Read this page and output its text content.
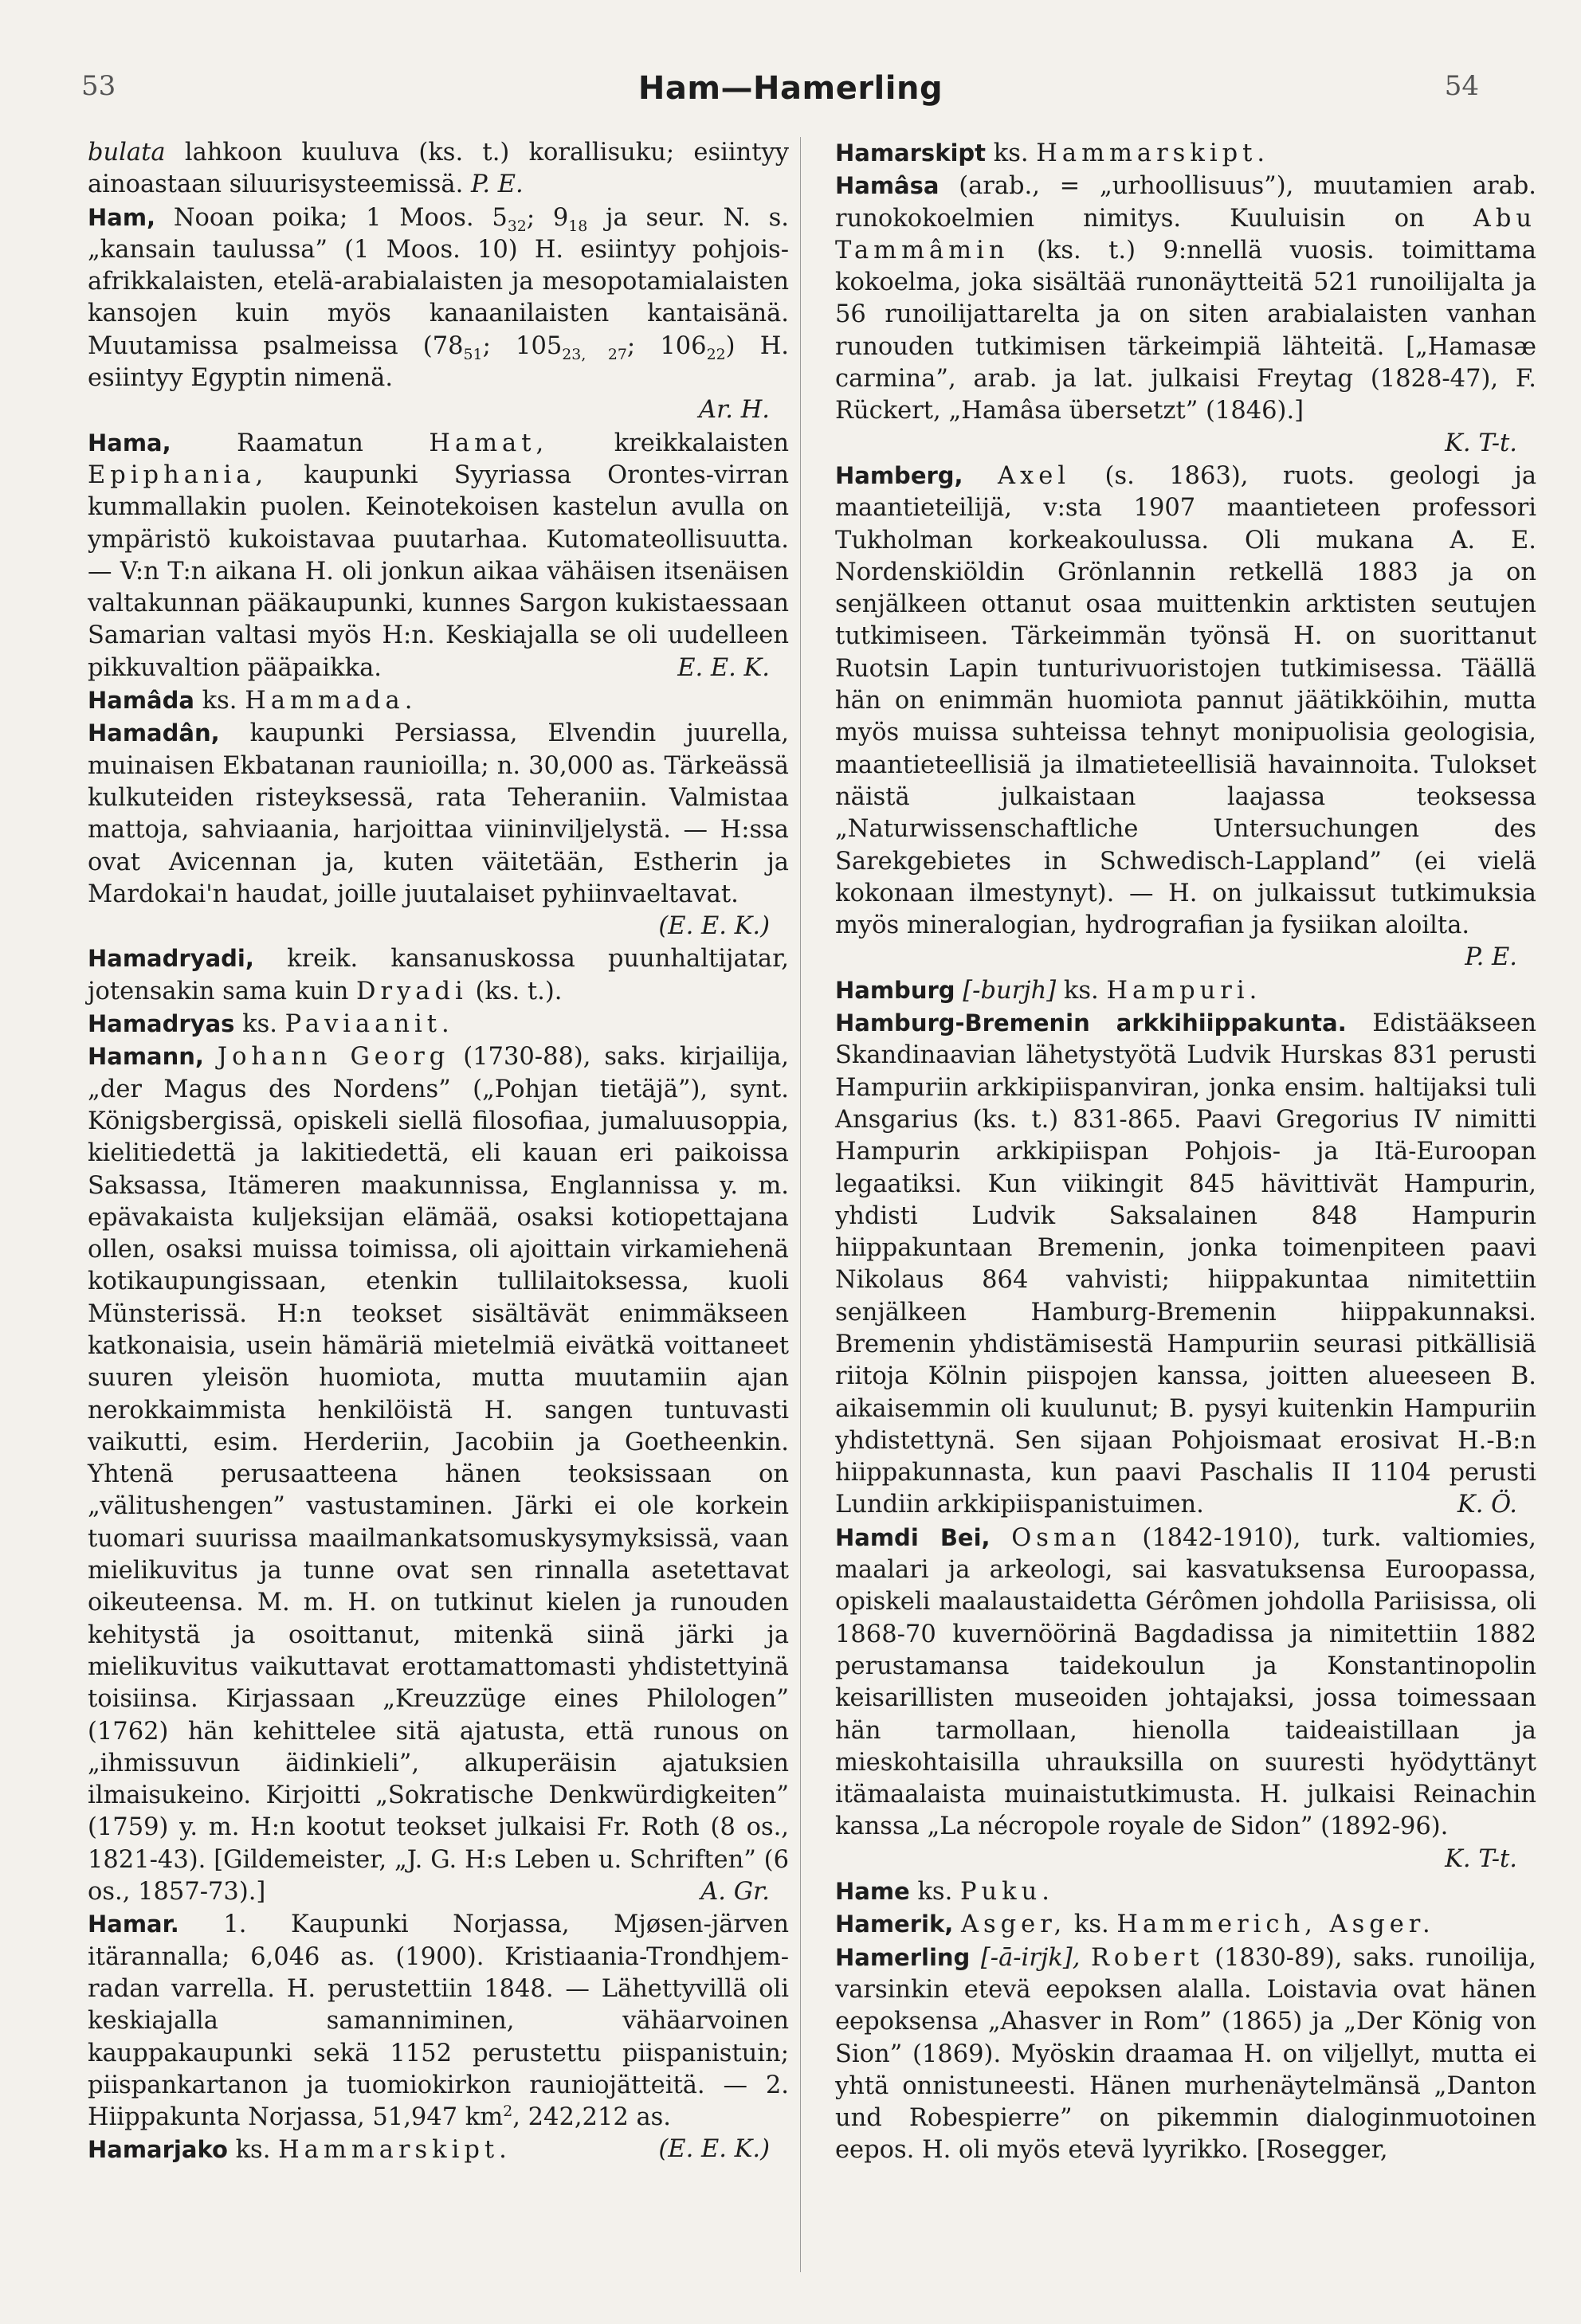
53	Ham—Hamerling	54

bulata lahkoon kuuluva (ks. t.) korallisuku; esiintyy ainoastaan siluurisysteemissä. P. E.

Ham, Nooan poika; 1 Moos. $5_{32}$; $9_{18}$ ja seur. N. s. „kansain taulussa” (1 Moos. 10) H. esiintyy pohjois-afrikkalaisten, etelä-arabialaisten ja mesopotamialaisten kansojen kuin myös kanaanilaisten kantaisänä. Muutamissa psalmeissa ($78_{51}$; $105_{23, 27}$; $106_{22}$) H. esiintyy Egyptin nimenä.
Ar. H.

Hama,	Raamatun	Hamat,	kreikkalaisten Epiphania, kaupunki Syyriassa Orontes-virran kummallakin puolen. Keinotekoisen kastelun avulla on ympäristö kukoistavaa puutarhaa. Kutomateollisuutta. — V:n T:n aikana H. oli jonkun aikaa vähäisen itsenäisen valtakunnan pääkaupunki, kunnes Sargon kukistaessaan Samarian valtasi myös H:n. Keskiajalla se oli uudelleen pikkuvaltion pääpaikka.	E. E. K.

Hamâda ks. Hammada.

Hamadân, kaupunki Persiassa, Elvendin juurella, muinaisen Ekbatanan raunioilla; n. 30,000 as. Tärkeässä kulkuteiden risteyksessä, rata Teheraniin. Valmistaa mattoja, sahviaania, harjoittaa viininviljelystä. — H:ssa ovat Avicennan ja, kuten väitetään, Estherin ja Mardokai'n haudat, joille juutalaiset pyhiinvaeltavat.
(E. E. K.)

Hamadryadi, kreik. kansanuskossa puunhaltijatar, jotensakin sama kuin Dryadi (ks. t.).

Hamadryas ks. Paviaanit.

Hamann, Johann Georg (1730-88), saks. kirjailija, „der Magus des Nordens” („Pohjan tietäjä”), synt. Königsbergissä, opiskeli siellä filosofiaa, jumaluusoppia, kielitiedettä ja lakitiedettä, eli kauan eri paikoissa Saksassa, Itämeren maakunnissa, Englannissa y. m. epävakaista kuljeksijan elämää, osaksi kotiopettajana ollen, osaksi muissa toimissa, oli ajoittain virkamiehenä kotikaupungissaan, etenkin tullilaitoksessa, kuoli Münsterissä. H:n teokset sisältävät enimmäkseen katkonaisia, usein hämäriä mietelmiä eivätkä voittaneet suuren yleisön huomiota, mutta muutamiin ajan nerokkaimmista henkilöistä H. sangen tuntuvasti vaikutti, esim. Herderiin, Jacobiin ja Goetheenkin. Yhtenä perusaatteena hänen teoksissaan on „välitushengen” vastustaminen. Järki ei ole korkein tuomari suurissa maailmankatsomuskysymyksissä, vaan mielikuvitus ja tunne ovat sen rinnalla asetettavat oikeuteensa. M. m. H. on tutkinut kielen ja runouden kehitystä ja osoittanut, mitenkä siinä järki ja mielikuvitus vaikuttavat erottamattomasti yhdistettyinä toisiinsa. Kirjassaan „Kreuzzüge eines Philologen” (1762) hän kehittelee sitä ajatusta, että runous on „ihmissuvun äidinkieli”, alkuperäisin ajatuksien ilmaisukeino. Kirjoitti „Sokratische Denkwürdigkeiten” (1759) y. m. H:n kootut teokset julkaisi Fr. Roth (8 os., 1821-43). [Gildemeister, „J. G. H:s Leben u. Schriften” (6 os., 1857-73).]	A. Gr.

Hamar. 1. Kaupunki Norjassa, Mjøsen-järven itärannalla; 6,046 as. (1900). Kristiaania-Trondhjem-radan varrella. H. perustettiin 1848. — Lähettyvillä oli keskiajalla samanniminen, vähäarvoinen kauppakaupunki sekä 1152 perustettu piispanistuin; piispankartanon ja tuomiokirkon rauniojätteitä. — 2. Hiippakunta Norjassa, 51,947 $km^2$, 242,212 as.
(E. E. K.)

Hamarjako ks. Hammarskipt.

Hamarskipt ks. Hammarskipt.

Hamâsa (arab., = „urhoollisuus”), muutamien arab. runokokoelmien nimitys. Kuuluisin on Abu Tammâmin (ks. t.) 9:nnellä vuosis. toimittama kokoelma, joka sisältää runonäytteitä 521 runoilijalta ja 56 runoilijattarelta ja on siten arabialaisten vanhan runouden tutkimisen tärkeimpiä lähteitä. [„Hamasæ carmina”, arab. ja lat. julkaisi Freytag (1828-47), F. Rückert, „Hamâsa übersetzt” (1846).]
K. T-t.

Hamberg, Axel (s. 1863), ruots. geologi ja maantieteilijä, v:sta 1907 maantieteen professori Tukholman korkeakoulussa. Oli mukana A. E. Nordenskiöldin Grönlannin retkellä 1883 ja on senjälkeen ottanut osaa muittenkin arktisten seutujen tutkimiseen. Tärkeimmän työnsä H. on suorittanut Ruotsin Lapin tunturivuoristojen tutkimisessa. Täällä hän on enimmän huomiota pannut jäätikköihin, mutta myös muissa suhteissa tehnyt monipuolisia geologisia, maantieteellisiä ja ilmatieteellisiä havainnoita. Tulokset näistä julkaistaan laajassa teoksessa „Naturwissenschaftliche Untersuchungen des Sarekgebietes in Schwedisch-Lappland” (ei vielä kokonaan ilmestynyt). — H. on julkaissut tutkimuksia myös mineralogian, hydrografian ja fysiikan aloilta.
P. E.

Hamburg [-burjh] ks. Hampuri.

Hamburg-Bremenin arkkihiippakunta. Edistääkseen Skandinaavian lähetystyötä Ludvik Hurskas 831 perusti Hampuriin arkkipiispanviran, jonka ensim. haltijaksi tuli Ansgarius (ks. t.) 831-865. Paavi Gregorius IV nimitti Hampurin arkkipiispan Pohjois- ja Itä-Euroopan legaatiksi. Kun viikingit 845 hävittivät Hampurin, yhdisti Ludvik Saksalainen 848 Hampurin hiippakuntaan Bremenin, jonka toimenpiteen paavi Nikolaus 864 vahvisti; hiippakuntaa nimitettiin senjälkeen Hamburg-Bremenin hiippakunnaksi. Bremenin yhdistämisestä Hampuriin seurasi pitkällisiä riitoja Kölnin piispojen kanssa, joitten alueeseen B. aikaisemmin oli kuulunut; B. pysyi kuitenkin Hampuriin yhdistettynä. Sen sijaan Pohjoismaat erosivat H.-B:n hiippakunnasta, kun paavi Paschalis II 1104 perusti Lundiin arkkipiispanistuimen.	K. Ö.

Hamdi Bei, Osman (1842-1910), turk. valtiomies, maalari ja arkeologi, sai kasvatuksensa Euroopassa, opiskeli maalaustaidetta Gérômen johdolla Pariisissa, oli 1868-70 kuvernöörinä Bagdadissa ja nimitettiin 1882 perustamansa taidekoulun ja Konstantinopolin keisarillisten museoiden johtajaksi, jossa toimessaan hän tarmollaan, hienolla taideaistillaan ja mieskohtaisilla uhrauksilla on suuresti hyödyttänyt itämaalaista muinaistutkimusta. H. julkaisi Reinachin kanssa „La nécropole royale de Sidon” (1892-96).
K. T-t.

Hame ks. Puku.

Hamerik, Asger, ks. Hammerich, Asger.

Hamerling [-ā-irjk], Robert (1830-89), saks. runoilija, varsinkin etevä eepoksen alalla. Loistavia ovat hänen eepoksensa „Ahasver in Rom” (1865) ja „Der König von Sion” (1869). Myöskin draamaa H. on viljellyt, mutta ei yhtä onnistuneesti. Hänen murhenäytelmänsä „Danton und Robespierre” on pikemmin dialoginmuotoinen eepos. H. oli myös etevä lyyrikko. [Rosegger,
